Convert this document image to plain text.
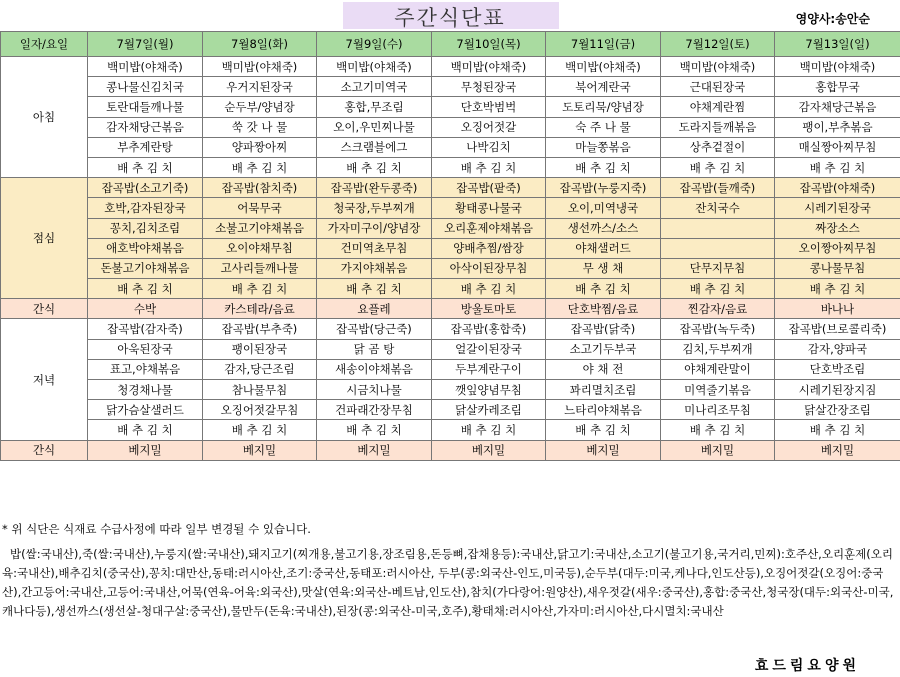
주간식단표	영양사:송안순
일자/요일	7월7일(월)	7월8일(화)	7월9일(수)	7월10일(목)	7월11일(금)	7월12일(토)	7월13일(일)
아침	백미밥(야채죽)	백미밥(야채죽)	백미밥(야채죽)	백미밥(야채죽)	백미밥(야채죽)	백미밥(야채죽)	백미밥(야채죽)
	콩나물신김치국	우거지된장국	소고기미역국	무청된장국	북어계란국	근대된장국	홍합무국
	토란대들깨나물	순두부/양념장	홍합,무조림	단호박범벅	도토리묵/양념장	야채계란찜	감자채당근볶음
	감자채당근볶음	쑥 갓 나 물	오이,우민찌나물	오징어젓갈	숙 주 나 물	도라지들깨볶음	팽이,부추볶음
	부추계란탕	양파짱아찌	스크램블에그	나박김치	마늘쫑볶음	상추겉절이	매실짱아찌무침
	배 추 김 치	배 추 김 치	배 추 김 치	배 추 김 치	배 추 김 치	배 추 김 치	배 추 김 치
점심	잡곡밥(소고기죽)	잡곡밥(참치죽)	잡곡밥(완두콩죽)	잡곡밥(팥죽)	잡곡밥(누룽지죽)	잡곡밥(들깨죽)	잡곡밥(야채죽)
	호박,감자된장국	어묵무국	청국장,두부찌개	황태콩나물국	오이,미역냉국	잔치국수	시레기된장국
	꽁치,김치조림	소불고기야채볶음	가자미구이/양념장	오리훈제야채볶음	생선까스/소스		짜장소스
	애호박야채볶음	오이야채무침	건미역초무침	양배추찜/쌈장	야채샐러드		오이짱아찌무침
	돈불고기야채볶음	고사리들깨나물	가지야채볶음	아삭이된장무침	무 생 채	단무지무침	콩나물무침
	배 추 김 치	배 추 김 치	배 추 김 치	배 추 김 치	배 추 김 치	배 추 김 치	배 추 김 치
간식	수박	카스테라/음료	요플레	방울토마토	단호박찜/음료	찐감자/음료	바나나
저녁	잡곡밥(감자죽)	잡곡밥(부추죽)	잡곡밥(당근죽)	잡곡밥(홍합죽)	잡곡밥(닭죽)	잡곡밥(녹두죽)	잡곡밥(브로콜리죽)
	아욱된장국	팽이된장국	닭 곰 탕	얼갈이된장국	소고기두부국	김치,두부찌개	감자,양파국
	표고,야채볶음	감자,당근조림	새송이야채볶음	두부계란구이	야 채 전	야채계란말이	단호박조림
	청경채나물	참나물무침	시금치나물	깻잎양념무침	꽈리멸치조림	미역줄기볶음	시레기된장지짐
	닭가슴살샐러드	오징어젓갈무침	건파래간장무침	닭살카레조림	느타리야채볶음	미나리조무침	닭살간장조림
	배 추 김 치	배 추 김 치	배 추 김 치	배 추 김 치	배 추 김 치	배 추 김 치	배 추 김 치
간식	베지밀	베지밀	베지밀	베지밀	베지밀	베지밀	베지밀
* 위 식단은 식재료 수급사정에 따라 일부 변경될 수 있습니다.
밥(쌀:국내산),죽(쌀:국내산),누룽지(쌀:국내산),돼지고기(찌개용,불고기용,장조림용,돈등뼈,잡채용등):국내산,닭고기:국내산,소고기(불고기용,국거리,민찌):호주산,오리훈제(오리육:국내산),배추김치(중국산),꽁치:대만산,동태:러시아산,조기:중국산,동태포:러시아산, 두부(콩:외국산-인도,미국등),순두부(대두:미국,케나다,인도산등),오징어젓갈(오징어:중국산),간고등어:국내산,고등어:국내산,어묵(연육-어육:외국산),맛살(연육:외국산-베트남,인도산),참치(가다랑어:원양산),새우젓갈(새우:중국산),홍합:중국산,청국장(대두:외국산-미국,캐나다등),생선까스(생선살-청대구살:중국산),물만두(돈육:국내산),된장(콩:외국산-미국,호주),황태채:러시아산,가자미:러시아산,다시멸치:국내산
효드림요양원
